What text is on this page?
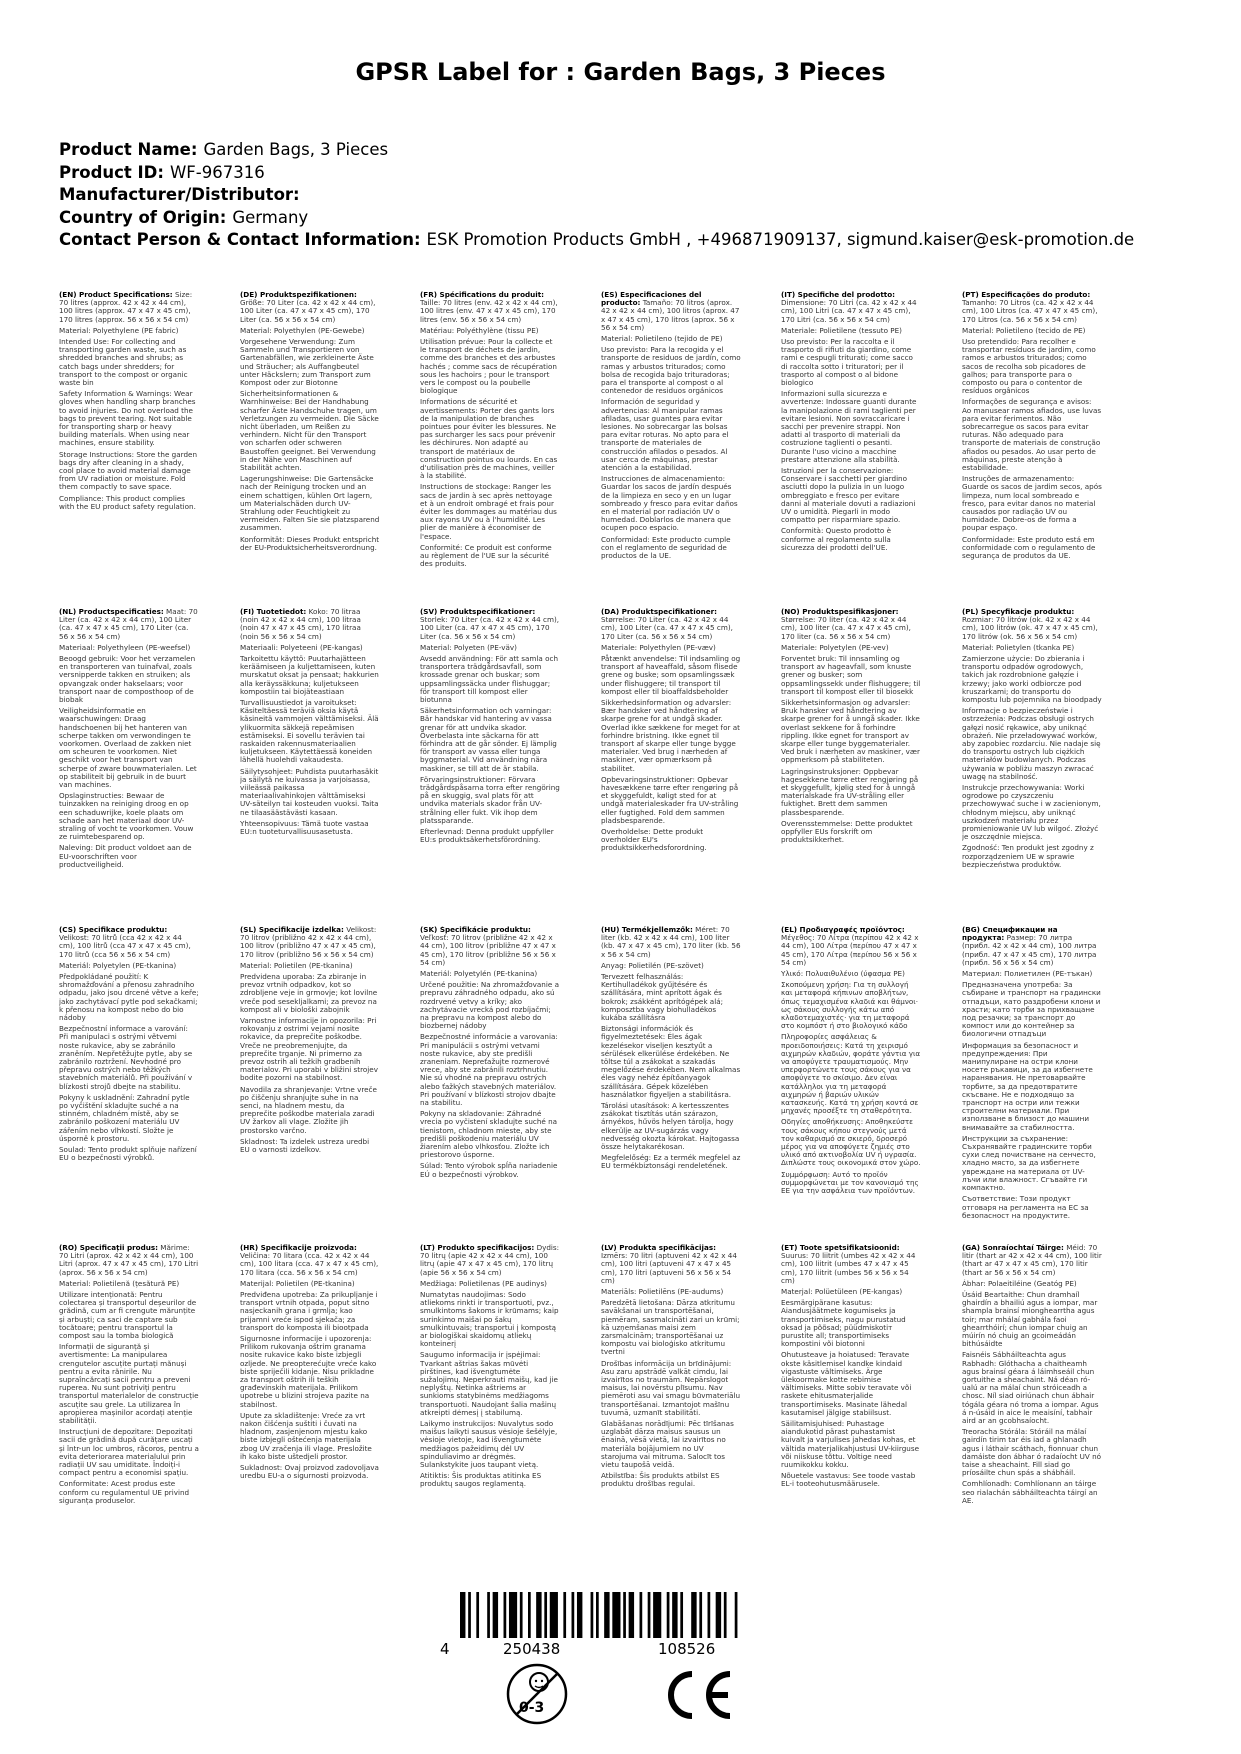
GPSR Label for : Garden Bags, 3 Pieces
Product Name: Garden Bags, 3 Pieces
Product ID: WF-967316
Manufacturer/Distributor:
Country of Origin: Germany
Contact Person & Contact Information: ESK Promotion Products GmbH , +496871909137, sigmund.kaiser@esk-promotion.de
(EN) Product Specifications: Size: 70 litres (approx. 42 x 42 x 44 cm), 100 litres (approx. 47 x 47 x 45 cm), 170 litres (approx. 56 x 56 x 54 cm)
Material: Polyethylene (PE fabric)
Intended Use: For collecting and transporting garden waste, such as shredded branches and shrubs; as catch bags under shredders; for transport to the compost or organic waste bin
Safety Information & Warnings: Wear gloves when handling sharp branches to avoid injuries. Do not overload the bags to prevent tearing. Not suitable for transporting sharp or heavy building materials. When using near machines, ensure stability.
Storage Instructions: Store the garden bags dry after cleaning in a shady, cool place to avoid material damage from UV radiation or moisture. Fold them compactly to save space.
Compliance: This product complies with the EU product safety regulation.
(DE) Produktspezifikationen: Größe: 70 Liter (ca. 42 x 42 x 44 cm), 100 Liter (ca. 47 x 47 x 45 cm), 170 Liter (ca. 56 x 56 x 54 cm)
Material: Polyethylen (PE-Gewebe)
Vorgesehene Verwendung: Zum Sammeln und Transportieren von Gartenabfällen, wie zerkleinerte Äste und Sträucher; als Auffangbeutel unter Häckslern; zum Transport zum Kompost oder zur Biotonne
Sicherheitsinformationen & Warnhinweise: Bei der Handhabung scharfer Äste Handschuhe tragen, um Verletzungen zu vermeiden. Die Säcke nicht überladen, um Reißen zu verhindern. Nicht für den Transport von scharfen oder schweren Baustoffen geeignet. Bei Verwendung in der Nähe von Maschinen auf Stabilität achten.
Lagerungshinweise: Die Gartensäcke nach der Reinigung trocken und an einem schattigen, kühlen Ort lagern, um Materialschäden durch UV-Strahlung oder Feuchtigkeit zu vermeiden. Falten Sie sie platzsparend zusammen.
Konformität: Dieses Produkt entspricht der EU-Produktsicherheitsverordnung.
(FR) Spécifications du produit: Taille: 70 litres (env. 42 x 42 x 44 cm), 100 litres (env. 47 x 47 x 45 cm), 170 litres (env. 56 x 56 x 54 cm)
Matériau: Polyéthylène (tissu PE)
Utilisation prévue: Pour la collecte et le transport de déchets de jardin, comme des branches et des arbustes hachés ; comme sacs de récupération sous les hachoirs ; pour le transport vers le compost ou la poubelle biologique
Informations de sécurité et avertissements: Porter des gants lors de la manipulation de branches pointues pour éviter les blessures. Ne pas surcharger les sacs pour prévenir les déchirures. Non adapté au transport de matériaux de construction pointus ou lourds. En cas d'utilisation près de machines, veiller à la stabilité.
Instructions de stockage: Ranger les sacs de jardin à sec après nettoyage et à un endroit ombragé et frais pour éviter les dommages au matériau dus aux rayons UV ou à l'humidité. Les plier de manière à économiser de l'espace.
Conformité: Ce produit est conforme au règlement de l'UE sur la sécurité des produits.
(ES) Especificaciones del producto: Tamaño: 70 litros (aprox. 42 x 42 x 44 cm), 100 litros (aprox. 47 x 47 x 45 cm), 170 litros (aprox. 56 x 56 x 54 cm)
Material: Polietileno (tejido de PE)
Uso previsto: Para la recogida y el transporte de residuos de jardín, como ramas y arbustos triturados; como bolsa de recogida bajo trituradoras; para el transporte al compost o al contenedor de residuos orgánicos
Información de seguridad y advertencias: Al manipular ramas afiladas, usar guantes para evitar lesiones. No sobrecargar las bolsas para evitar roturas. No apto para el transporte de materiales de construcción afilados o pesados. Al usar cerca de máquinas, prestar atención a la estabilidad.
Instrucciones de almacenamiento: Guardar los sacos de jardín después de la limpieza en seco y en un lugar sombreado y fresco para evitar daños en el material por radiación UV o humedad. Doblarlos de manera que ocupen poco espacio.
Conformidad: Este producto cumple con el reglamento de seguridad de productos de la UE.
(IT) Specifiche del prodotto: Dimensione: 70 Litri (ca. 42 x 42 x 44 cm), 100 Litri (ca. 47 x 47 x 45 cm), 170 Litri (ca. 56 x 56 x 54 cm)
Materiale: Polietilene (tessuto PE)
Uso previsto: Per la raccolta e il trasporto di rifiuti da giardino, come rami e cespugli triturati; come sacco di raccolta sotto i trituratori; per il trasporto al compost o al bidone biologico
Informazioni sulla sicurezza e avvertenze: Indossare guanti durante la manipolazione di rami taglienti per evitare lesioni. Non sovraccaricare i sacchi per prevenire strappi. Non adatti al trasporto di materiali da costruzione taglienti o pesanti. Durante l'uso vicino a macchine prestare attenzione alla stabilità.
Istruzioni per la conservazione: Conservare i sacchetti per giardino asciutti dopo la pulizia in un luogo ombreggiato e fresco per evitare danni al materiale dovuti a radiazioni UV o umidità. Piegarli in modo compatto per risparmiare spazio.
Conformità: Questo prodotto è conforme al regolamento sulla sicurezza dei prodotti dell'UE.
(PT) Especificações do produto: Tamanho: 70 Litros (ca. 42 x 42 x 44 cm), 100 Litros (ca. 47 x 47 x 45 cm), 170 Litros (ca. 56 x 56 x 54 cm)
Material: Polietileno (tecido de PE)
Uso pretendido: Para recolher e transportar resíduos de jardim, como ramos e arbustos triturados; como sacos de recolha sob picadores de galhos; para transporte para o composto ou para o contentor de resíduos orgânicos
Informações de segurança e avisos: Ao manusear ramos afiados, use luvas para evitar ferimentos. Não sobrecarregue os sacos para evitar ruturas. Não adequado para transporte de materiais de construção afiados ou pesados. Ao usar perto de máquinas, preste atenção à estabilidade.
Instruções de armazenamento: Guarde os sacos de jardim secos, após limpeza, num local sombreado e fresco, para evitar danos no material causados por radiação UV ou humidade. Dobre-os de forma a poupar espaço.
Conformidade: Este produto está em conformidade com o regulamento de segurança de produtos da UE.
(NL) Productspecificaties: Maat: 70 Liter (ca. 42 x 42 x 44 cm), 100 Liter (ca. 47 x 47 x 45 cm), 170 Liter (ca. 56 x 56 x 54 cm)
Materiaal: Polyethyleen (PE-weefsel)
Beoogd gebruik: Voor het verzamelen en transporteren van tuinafval, zoals versnipperde takken en struiken; als opvangzak onder hakselaars; voor transport naar de composthoop of de biobak
Veiligheidsinformatie en waarschuwingen: Draag handschoenen bij het hanteren van scherpe takken om verwondingen te voorkomen. Overlaad de zakken niet om scheuren te voorkomen. Niet geschikt voor het transport van scherpe of zware bouwmaterialen. Let op stabiliteit bij gebruik in de buurt van machines.
Opslaginstructies: Bewaar de tuinzakken na reiniging droog en op een schaduwrijke, koele plaats om schade aan het materiaal door UV-straling of vocht te voorkomen. Vouw ze ruimtebesparend op.
Naleving: Dit product voldoet aan de EU-voorschriften voor productveiligheid.
(FI) Tuotetiedot: Koko: 70 litraa (noin 42 x 42 x 44 cm), 100 litraa (noin 47 x 47 x 45 cm), 170 litraa (noin 56 x 56 x 54 cm)
Materiaali: Polyeteeni (PE-kangas)
Tarkoitettu käyttö: Puutarhajätteen keräämiseen ja kuljettamiseen, kuten murskatut oksat ja pensaat; hakkurien alla keräyssäkkuna; kuljetukseen kompostiin tai biojäteastiaan
Turvallisuustiedot ja varoitukset: Käsiteltäessä teräviä oksia käytä käsineitä vammojen välttämiseksi. Älä ylikuormita säkkejä repeämisen estämiseksi. Ei sovellu terävien tai raskaiden rakennusmateriaalien kuljetukseen. Käytettäessä koneiden lähellä huolehdi vakaudesta.
Säilytysohjeet: Puhdista puutarhasäkit ja säilytä ne kuivassa ja varjoisassa, viileässä paikassa materiaalivahinkojen välttämiseksi UV-säteilyn tai kosteuden vuoksi. Taita ne tilaasäästävästi kasaan.
Yhteensopivuus: Tämä tuote vastaa EU:n tuoteturvallisuusasetusta.
(SV) Produktspecifikationer: Storlek: 70 Liter (ca. 42 x 42 x 44 cm), 100 Liter (ca. 47 x 47 x 45 cm), 170 Liter (ca. 56 x 56 x 54 cm)
Material: Polyeten (PE-väv)
Avsedd användning: För att samla och transportera trädgårdsavfall, som krossade grenar och buskar; som uppsamlingssäcka under flishuggar; för transport till kompost eller biotunna
Säkerhetsinformation och varningar: Bär handskar vid hantering av vassa grenar för att undvika skador. Överbelasta inte säckarna för att förhindra att de går sönder. Ej lämplig för transport av vassa eller tunga byggmaterial. Vid användning nära maskiner, se till att de är stabila.
Förvaringsinstruktioner: Förvara trädgårdspåsarna torra efter rengöring på en skuggig, sval plats för att undvika materials skador från UV-strålning eller fukt. Vik ihop dem platssparande.
Efterlevnad: Denna produkt uppfyller EU:s produktsäkerhetsförordning.
(DA) Produktspecifikationer: Størrelse: 70 Liter (ca. 42 x 42 x 44 cm), 100 Liter (ca. 47 x 47 x 45 cm), 170 Liter (ca. 56 x 56 x 54 cm)
Materiale: Polyethylen (PE-væv)
Påtænkt anvendelse: Til indsamling og transport af haveaffald, såsom flisede grene og buske; som opsamlingssæk under flishuggere; til transport til kompost eller til bioaffaldsbeholder
Sikkerhedsinformation og advarsler: Bær handsker ved håndtering af skarpe grene for at undgå skader. Overlad ikke sækkene for meget for at forhindre bristning. Ikke egnet til transport af skarpe eller tunge bygge materialer. Ved brug i nærheden af maskiner, vær opmærksom på stabilitet.
Opbevaringsinstruktioner: Opbevar havesækkene tørre efter rengøring på et skyggefuldt, køligt sted for at undgå materialeskader fra UV-stråling eller fugtighed. Fold dem sammen pladsbesparende.
Overholdelse: Dette produkt overholder EU's produktsikkerhedsforordning.
(NO) Produktspesifikasjoner: Størrelse: 70 liter (ca. 42 x 42 x 44 cm), 100 liter (ca. 47 x 47 x 45 cm), 170 liter (ca. 56 x 56 x 54 cm)
Materiale: Polyetylen (PE-vev)
Forventet bruk: Til innsamling og transport av hageavfall, som knuste grener og busker; som oppsamlingssekk under flishuggere; til transport til kompost eller til biosekk
Sikkerhetsinformasjon og advarsler: Bruk hansker ved håndtering av skarpe grener for å unngå skader. Ikke overlast sekkene for å forhindre rippling. Ikke egnet for transport av skarpe eller tunge byggematerialer. Ved bruk i nærheten av maskiner, vær oppmerksom på stabiliteten.
Lagringsinstruksjoner: Oppbevar hagesekkene tørre etter rengjøring på et skyggefullt, kjølig sted for å unngå materialskade fra UV-stråling eller fuktighet. Brett dem sammen plassbesparende.
Overensstemmelse: Dette produktet oppfyller EUs forskrift om produktsikkerhet.
(PL) Specyfikacje produktu: Rozmiar: 70 litrów (ok. 42 x 42 x 44 cm), 100 litrów (ok. 47 x 47 x 45 cm), 170 litrów (ok. 56 x 56 x 54 cm)
Materiał: Polietylen (tkanka PE)
Zamierzone użycie: Do zbierania i transportu odpadów ogrodowych, takich jak rozdrobnione gałęzie i krzewy; jako worki odbiorcze pod kruszarkami; do transportu do kompostu lub pojemnika na bioodpady
Informacje o bezpieczeństwie i ostrzeżenia: Podczas obsługi ostrych gałęzi nosić rękawice, aby uniknąć obrażeń. Nie przeładowywać worków, aby zapobiec rozdarciu. Nie nadaje się do transportu ostrych lub ciężkich materiałów budowlanych. Podczas używania w pobliżu maszyn zwracać uwagę na stabilność.
Instrukcje przechowywania: Worki ogrodowe po czyszczeniu przechowywać suche i w zacienionym, chłodnym miejscu, aby uniknąć uszkodzeń materiału przez promieniowanie UV lub wilgoć. Złożyć je oszczędnie miejsca.
Zgodność: Ten produkt jest zgodny z rozporządzeniem UE w sprawie bezpieczeństwa produktów.
(CS) Specifikace produktu: Velikost: 70 litrů (cca 42 x 42 x 44 cm), 100 litrů (cca 47 x 47 x 45 cm), 170 litrů (cca 56 x 56 x 54 cm)
Materiál: Polyetylen (PE-tkanina)
Předpokládané použití: K shromažďování a přenosu zahradního odpadu, jako jsou drcené větve a keře; jako zachytávací pytle pod sekačkami; k přenosu na kompost nebo do bio nádoby
Bezpečnostní informace a varování: Při manipulaci s ostrými větvemi noste rukavice, aby se zabránilo zraněním. Nepřetěžujte pytle, aby se zabránilo roztržení. Nevhodné pro přepravu ostrých nebo těžkých stavebních materiálů. Při používání v blízkosti strojů dbejte na stabilitu.
Pokyny k uskladnění: Zahradní pytle po vyčištění skladujte suché a na stinném, chladném místě, aby se zabránilo poškození materiálu UV zářením nebo vlhkostí. Složte je úsporně k prostoru.
Soulad: Tento produkt splňuje nařízení EU o bezpečnosti výrobků.
(SL) Specifikacije izdelka: Velikost: 70 litrov (približno 42 x 42 x 44 cm), 100 litrov (približno 47 x 47 x 45 cm), 170 litrov (približno 56 x 56 x 54 cm)
Material: Polietilen (PE-tkanina)
Predvidena uporaba: Za zbiranje in prevoz vrtnih odpadkov, kot so zdrobljene veje in grmovje; kot lovilne vreče pod sesekljalkami; za prevoz na kompost ali v biološki zabojnik
Varnostne informacije in opozorila: Pri rokovanju z ostrimi vejami nosite rokavice, da preprečite poškodbe. Vreče ne preobremenjujte, da preprečite trganje. Ni primerno za prevoz ostrih ali težkih gradbenih materialov. Pri uporabi v bližini strojev bodite pozorni na stabilnost.
Navodila za shranjevanje: Vrtne vreče po čiščenju shranjujte suhe in na senci, na hladnem mestu, da preprečite poškodbe materiala zaradi UV žarkov ali vlage. Zložite jih prostorsko varčno.
Skladnost: Ta izdelek ustreza uredbi EU o varnosti izdelkov.
(SK) Špecifikácie produktu: Veľkosť: 70 litrov (približne 42 x 42 x 44 cm), 100 litrov (približne 47 x 47 x 45 cm), 170 litrov (približne 56 x 56 x 54 cm)
Materiál: Polyetylén (PE-tkanina)
Určené použitie: Na zhromažďovanie a prepravu záhradného odpadu, ako sú rozdrvené vetvy a kríky; ako zachytávacie vrecká pod rozbíjačmi; na prepravu na kompost alebo do biozbernej nádoby
Bezpečnostné informácie a varovania: Pri manipulácii s ostrými vetvami noste rukavice, aby ste predišli zraneniam. Nepreťažujte rozmerové vrece, aby ste zabránili roztrhnutiu. Nie sú vhodné na prepravu ostrých alebo ťažkých stavebných materiálov. Pri používaní v blízkosti strojov dbajte na stabilitu.
Pokyny na skladovanie: Záhradné vrecia po vyčistení skladujte suché na tienistom, chladnom mieste, aby ste predišli poškodeniu materiálu UV žiarením alebo vlhkosťou. Zložte ich priestorovo úsporne.
Súlad: Tento výrobok spĺňa nariadenie EÚ o bezpečnosti výrobkov.
(HU) Termékjellemzők: Méret: 70 liter (kb. 42 x 42 x 44 cm), 100 liter (kb. 47 x 47 x 45 cm), 170 liter (kb. 56 x 56 x 54 cm)
Anyag: Polietilén (PE-szövet)
Tervezett felhasználás: Kertihulladékok gyűjtésére és szállítására, mint aprított ágak és bokrok; zsákként aprítógépek alá; komposztba vagy biohulladékos kukába szállításra
Biztonsági információk és figyelmeztetések: Éles ágak kezelésekor viseljen kesztyűt a sérülések elkerülése érdekében. Ne töltse túl a zsákokat a szakadás megelőzése érdekében. Nem alkalmas éles vagy nehéz építőanyagok szállítására. Gépek közelében használatkor figyeljen a stabilitásra.
Tárolási utasítások: A kertesszentes zsákokat tisztítás után szárazon, árnyékos, hűvös helyen tárolja, hogy elkerülje az UV-sugárzás vagy nedvesség okozta károkat. Hajtogassa össze helytakarékosan.
Megfelelőség: Ez a termék megfelel az EU termékbiztonsági rendeletének.
(EL) Προδιαγραφές προϊόντος: Μέγεθος: 70 Λίτρα (περίπου 42 x 42 x 44 cm), 100 Λίτρα (περίπου 47 x 47 x 45 cm), 170 Λίτρα (περίπου 56 x 56 x 54 cm)
Υλικό: Πολυαιθυλένιο (ύφασμα PE)
Σκοπούμενη χρήση: Για τη συλλογή και μεταφορά κήπινων αποβλήτων, όπως τεμαχισμένα κλαδιά και θάμνοι· ως σάκους συλλογής κάτω από κλαδοτεμαχιστές· για τη μεταφορά στο κομπόστ ή στο βιολογικό κάδο
Πληροφορίες ασφάλειας & προειδοποιήσεις: Κατά τη χειρισμό αιχμηρών κλαδιών, φοράτε γάντια για να αποφύγετε τραυματισμούς. Μην υπερφορτώνετε τους σάκους για να αποφύγετε το σκίσιμο. Δεν είναι κατάλληλοι για τη μεταφορά αιχμηρών ή βαριών υλικών κατασκευής. Κατά τη χρήση κοντά σε μηχανές προσέξτε τη σταθερότητα.
Οδηγίες αποθήκευσης: Αποθηκεύστε τους σάκους κήπου στεγνούς μετά τον καθαρισμό σε σκιερό, δροσερό μέρος για να αποφύγετε ζημιές στο υλικό από ακτινοβολία UV ή υγρασία. Διπλώστε τους οικονομικά στον χώρο.
Συμμόρφωση: Αυτό το προϊόν συμμορφώνεται με τον κανονισμό της ΕΕ για την ασφάλεια των προϊόντων.
(BG) Спецификации на продукта: Размер: 70 литра (прибл. 42 x 42 x 44 cm), 100 литра (прибл. 47 x 47 x 45 cm), 170 литра (прибл. 56 x 56 x 54 cm)
Материал: Полиетилен (PE-тъкан)
Предназначена употреба: За събиране и транспорт на градински отпадъци, като раздробени клони и храсти; като торби за прихващане под резачки; за транспорт до компост или до контейнер за биологични отпадъци
Информация за безопасност и предупреждения: При манипулиране на остри клони носете ръкавици, за да избегнете наранявания. Не претоварвайте торбите, за да предотвратите скъсване. Не е подходящо за транспорт на остри или тежки строителни материали. При използване в близост до машини внимавайте за стабилността.
Инструкции за съхранение: Съхранявайте градинските торби сухи след почистване на сенчесто, хладно място, за да избегнете увреждане на материала от UV-лъчи или влажност. Сгъвайте ги компактно.
Съответствие: Този продукт отговаря на регламента на ЕС за безопасност на продуктите.
(RO) Specificații produs: Mărime: 70 Litri (aprox. 42 x 42 x 44 cm), 100 Litri (aprox. 47 x 47 x 45 cm), 170 Litri (aprox. 56 x 56 x 54 cm)
Material: Polietilenă (țesătură PE)
Utilizare intenționată: Pentru colectarea și transportul deșeurilor de grădină, cum ar fi crengute mărunțite și arbuști; ca saci de captare sub tocătoare; pentru transportul la compost sau la tomba biologică
Informații de siguranță și avertismente: La manipularea crengutelor ascuțite purtați mănuși pentru a evita rănirile. Nu supraîncărcați sacii pentru a preveni ruperea. Nu sunt potriviți pentru transportul materialelor de construcție ascuțite sau grele. La utilizarea în apropierea mașinilor acordați atenție stabilității.
Instrucțiuni de depozitare: Depozitați sacii de grădină după curățare uscați și într-un loc umbros, răcoros, pentru a evita deteriorarea materialului prin radiații UV sau umiditate. Îndoiți-i compact pentru a economisi spațiu.
Conformitate: Acest produs este conform cu regulamentul UE privind siguranța produselor.
(HR) Specifikacije proizvoda: Veličina: 70 litara (cca. 42 x 42 x 44 cm), 100 litara (cca. 47 x 47 x 45 cm), 170 litara (cca. 56 x 56 x 54 cm)
Materijal: Polietilen (PE-tkanina)
Predviđena upotreba: Za prikupljanje i transport vrtnih otpada, poput sitno nasjeckanih grana i grmlja; kao prijamni vreće ispod sjekača; za transport do komposta ili biootpada
Sigurnosne informacije i upozorenja: Prilikom rukovanja oštrim granama nosite rukavice kako biste izbjegli ozljede. Ne preopterećujte vreće kako biste spriječili kidanje. Nisu prikladne za transport oštrih ili teških građevinskih materijala. Prilikom upotrebe u blizini strojeva pazite na stabilnost.
Upute za skladištenje: Vreće za vrt nakon čišćenja suštiti i čuvati na hladnom, zasjenjenom mjestu kako biste izbjegli oštećenja materijala zbog UV zračenja ili vlage. Presložite ih kako biste uštedjeli prostor.
Sukladnost: Ovaj proizvod zadovoljava uredbu EU-a o sigurnosti proizvoda.
(LT) Produkto specifikacijos: Dydis: 70 litrų (apie 42 x 42 x 44 cm), 100 litrų (apie 47 x 47 x 45 cm), 170 litrų (apie 56 x 56 x 54 cm)
Medžiaga: Polietilenas (PE audinys)
Numatytas naudojimas: Sodo atliekoms rinkti ir transportuoti, pvz., smulkintoms šakoms ir krūmams; kaip surinkimo maišai po šakų smulkintuvais; transportui į kompostą ar biologiškai skaidomų atliekų konteinerį
Saugumo informacija ir įspėjimai: Tvarkant aštrias šakas mūvėti pirštines, kad išvengtumėte sužalojimų. Neperkrauti maišų, kad jie neplyštų. Netinka aštriems ar sunkioms statybinėms medžiagoms transportuoti. Naudojant šalia mašinų atkreipti dėmesį į stabilumą.
Laikymo instrukcijos: Nuvalytus sodo maišus laikyti sausus vėsioje šešėlyje, vėsioje vietoje, kad išvengtumėte medžiagos pažeidimų dėl UV spinduliavimo ar drėgmės. Sulankstykite juos taupant vietą.
Atitiktis: Šis produktas atitinka ES produktų saugos reglamentą.
(LV) Produkta specifikācijas: Izmērs: 70 litri (aptuveni 42 x 42 x 44 cm), 100 litri (aptuveni 47 x 47 x 45 cm), 170 litri (aptuveni 56 x 56 x 54 cm)
Materiāls: Polietilēns (PE-audums)
Paredzētā lietošana: Dārza atkritumu savākšanai un transportēšanai, piemēram, sasmalcināti zari un krūmi; kā uzņemšanas maisi zem zarsmalcinām; transportēšanai uz kompostu vai bioloģisko atkritumu tvertni
Drošības informācija un brīdinājumi: Asu zaru apstrādē valkāt cimdu, lai izvairītos no traumām. Nepārslogot maisus, lai novērstu plīsumu. Nav piemēroti asu vai smagu būvmateriālu transportēšanai. Izmantojot mašīnu tuvumā, uzmanīt stabilitāti.
Glabāšanas norādījumi: Pēc tīrīšanas uzglabāt dārza maisus sausus un ēnainā, vēsā vietā, lai izvairītos no materiāla bojājumiem no UV starojuma vai mitruma. Salocīt tos vietu taupošā veidā.
Atbilstība: Šis produkts atbilst ES produktu drošības regulai.
(ET) Toote spetsifikatsioonid: Suurus: 70 liitrit (umbes 42 x 42 x 44 cm), 100 liitrit (umbes 47 x 47 x 45 cm), 170 liitrit (umbes 56 x 56 x 54 cm)
Materjal: Polüetüleen (PE-kangas)
Eesmärgipärane kasutus: Aiandusjäätmete kogumiseks ja transportimiseks, nagu purustatud oksad ja põõsad; püüdmiskotiт purustite all; transportimiseks kompostini või biotonni
Ohutusteave ja hoiatused: Teravate okste käsitlemisel kandke kindaid vigastuste vältimiseks. Ärge ülekoormake kotte rebimise vältimiseks. Mitte sobiv teravate või raskete ehitusmaterjalide transportimiseks. Masinate lähedal kasutamisel jälgige stabiilsust.
Säilitamisjuhised: Puhastage aiandukotid pärast puhastamist kuivalt ja varjulises jahedas kohas, et vältida materjalikahjustusi UV-kiirguse või niiskuse tõttu. Voltige need ruumikokku kokku.
Nõuetele vastavus: See toode vastab EL-i tooteohutusmäärusele.
(GA) Sonraíochtaí Táirge: Méid: 70 litir (thart ar 42 x 42 x 44 cm), 100 litir (thart ar 47 x 47 x 45 cm), 170 litir (thart ar 56 x 56 x 54 cm)
Ábhar: Polaeitiléine (Geatóg PE)
Úsáid Beartaithe: Chun dramhaíl ghairdín a bhailiú agus a iompar, mar shampla brainsí mionghearrtha agus toir; mar mhálaí gabhála faoi ghearrthóirí; chun iompar chuig an múirín nó chuig an gcoimeádán bithúsáidte
Faisnéis Sábháilteachta agus Rabhadh: Glóthacha a chaitheamh agus brainsí géara á láimhseáil chun gortuithe a sheachaint. Ná déan ró-ualú ar na málaí chun stróiceadh a chosc. Níl siad oiriúnach chun ábhair tógála géara nó troma a iompar. Agus á n-úsáid in aice le meaisíní, tabhair aird ar an gcobhsaíocht.
Treoracha Stórála: Stóráil na málaí gairdín tirim tar éis iad a ghlanadh agus i láthair scáthach, fionnuar chun damáiste don ábhar ó radaíocht UV nó taise a sheachaint. Fill siad go príosáilte chun spás a shábháil.
Comhlíonadh: Comhlíonann an táirge seo rialachán sábháilteachta táirgí an AE.
4	250438	108526
0-3
